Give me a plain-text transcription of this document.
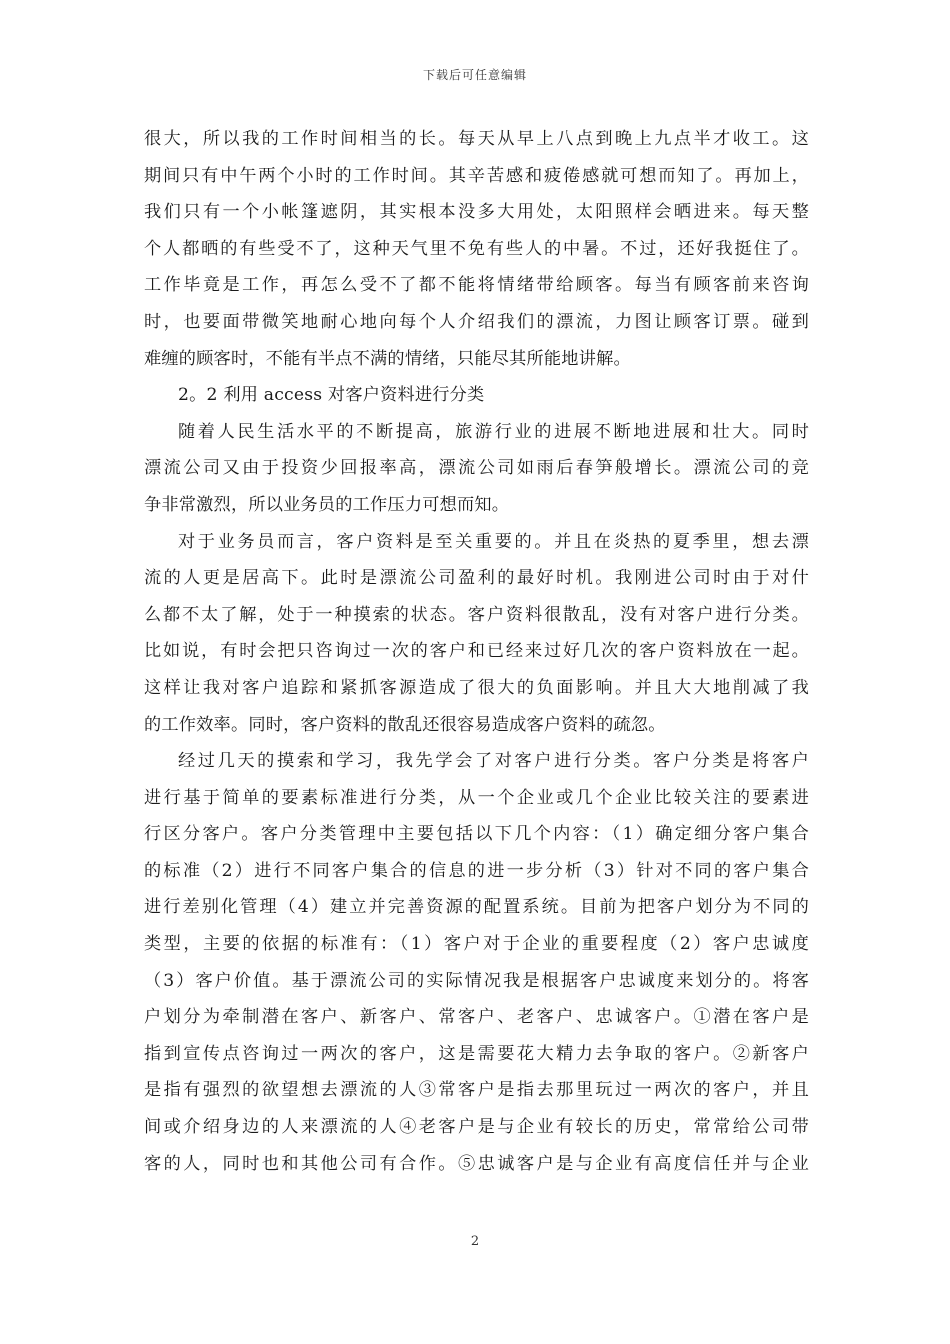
下载后可任意编辑
很大，所以我的工作时间相当的长。每天从早上八点到晚上九点半才收工。这
期间只有中午两个小时的工作时间。其辛苦感和疲倦感就可想而知了。再加上，
我们只有一个小帐篷遮阴，其实根本没多大用处，太阳照样会晒进来。每天整
个人都晒的有些受不了，这种天气里不免有些人的中暑。不过，还好我挺住了。
工作毕竟是工作，再怎么受不了都不能将情绪带给顾客。每当有顾客前来咨询
时，也要面带微笑地耐心地向每个人介绍我们的漂流，力图让顾客订票。碰到
难缠的顾客时，不能有半点不满的情绪，只能尽其所能地讲解。
2。2 利用 access 对客户资料进行分类
随着人民生活水平的不断提高，旅游行业的进展不断地进展和壮大。同时
漂流公司又由于投资少回报率高，漂流公司如雨后春笋般增长。漂流公司的竞
争非常激烈，所以业务员的工作压力可想而知。
对于业务员而言，客户资料是至关重要的。并且在炎热的夏季里，想去漂
流的人更是居高下。此时是漂流公司盈利的最好时机。我刚进公司时由于对什
么都不太了解，处于一种摸索的状态。客户资料很散乱，没有对客户进行分类。
比如说，有时会把只咨询过一次的客户和已经来过好几次的客户资料放在一起。
这样让我对客户追踪和紧抓客源造成了很大的负面影响。并且大大地削减了我
的工作效率。同时，客户资料的散乱还很容易造成客户资料的疏忽。
经过几天的摸索和学习，我先学会了对客户进行分类。客户分类是将客户
进行基于简单的要素标准进行分类，从一个企业或几个企业比较关注的要素进
行区分客户。客户分类管理中主要包括以下几个内容：（1）确定细分客户集合
的标准（2）进行不同客户集合的信息的进一步分析（3）针对不同的客户集合
进行差别化管理（4）建立并完善资源的配置系统。目前为把客户划分为不同的
类型，主要的依据的标准有：（1）客户对于企业的重要程度（2）客户忠诚度
（3）客户价值。基于漂流公司的实际情况我是根据客户忠诚度来划分的。将客
户划分为牵制潜在客户、新客户、常客户、老客户、忠诚客户。①潜在客户是
指到宣传点咨询过一两次的客户，这是需要花大精力去争取的客户。②新客户
是指有强烈的欲望想去漂流的人③常客户是指去那里玩过一两次的客户，并且
间或介绍身边的人来漂流的人④老客户是与企业有较长的历史，常常给公司带
客的人，同时也和其他公司有合作。⑤忠诚客户是与企业有高度信任并与企业
2
